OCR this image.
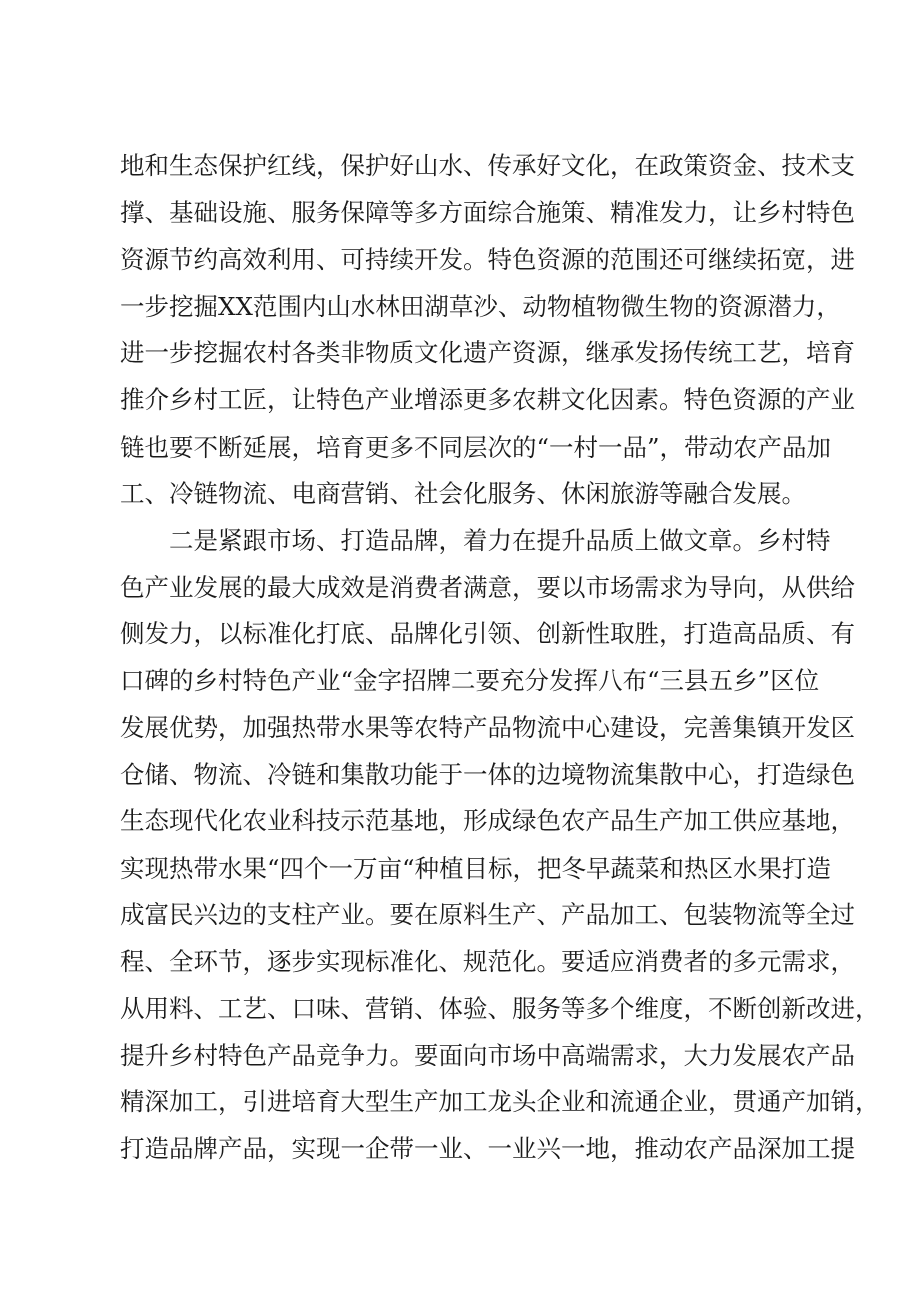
地和生态保护红线，保护好山水、传承好文化，在政策资金、技术支
撑、基础设施、服务保障等多方面综合施策、精准发力，让乡村特色
资源节约高效利用、可持续开发。特色资源的范围还可继续拓宽，进
一步挖掘XX范围内山水林田湖草沙、动物植物微生物的资源潜力，
进一步挖掘农村各类非物质文化遗产资源，继承发扬传统工艺，培育
推介乡村工匠，让特色产业增添更多农耕文化因素。特色资源的产业
链也要不断延展，培育更多不同层次的“一村一品”，带动农产品加
工、冷链物流、电商营销、社会化服务、休闲旅游等融合发展。
　　二是紧跟市场、打造品牌，着力在提升品质上做文章。乡村特
色产业发展的最大成效是消费者满意，要以市场需求为导向，从供给
侧发力，以标准化打底、品牌化引领、创新性取胜，打造高品质、有
口碑的乡村特色产业“金字招牌二要充分发挥八布“三县五乡”区位
发展优势，加强热带水果等农特产品物流中心建设，完善集镇开发区
仓储、物流、冷链和集散功能于一体的边境物流集散中心，打造绿色
生态现代化农业科技示范基地，形成绿色农产品生产加工供应基地，
实现热带水果“四个一万亩“种植目标，把冬早蔬菜和热区水果打造
成富民兴边的支柱产业。要在原料生产、产品加工、包装物流等全过
程、全环节，逐步实现标准化、规范化。要适应消费者的多元需求，
从用料、工艺、口味、营销、体验、服务等多个维度，不断创新改进，
提升乡村特色产品竞争力。要面向市场中高端需求，大力发展农产品
精深加工，引进培育大型生产加工龙头企业和流通企业，贯通产加销，
打造品牌产品，实现一企带一业、一业兴一地，推动农产品深加工提
